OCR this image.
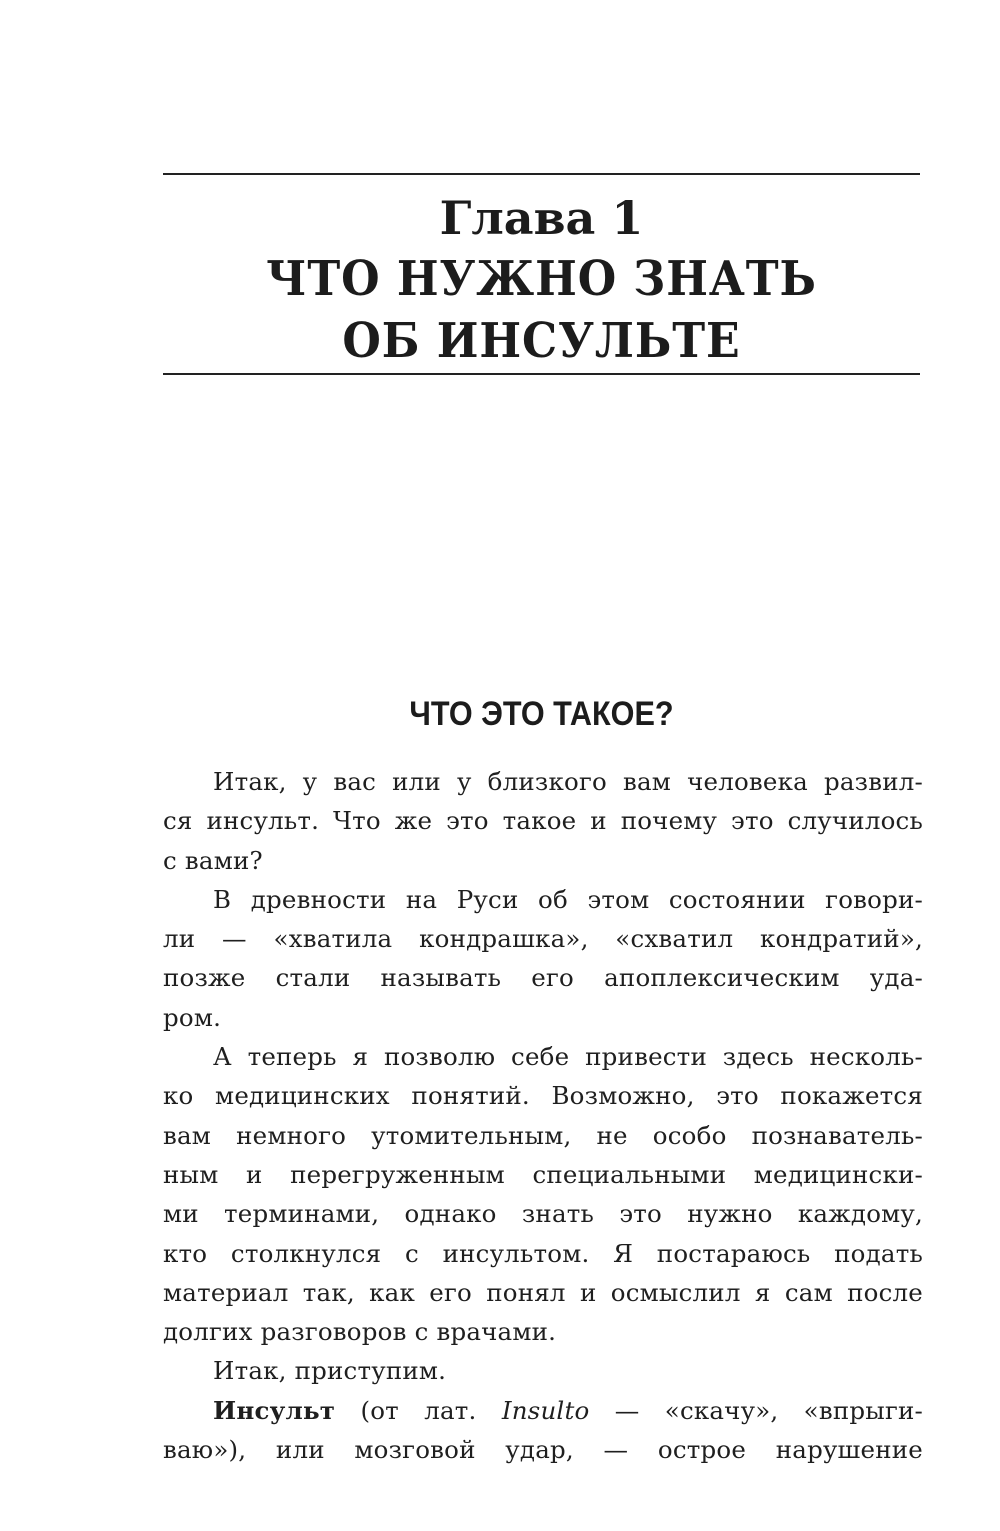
Глава 1
ЧТО НУЖНО ЗНАТЬ
ОБ ИНСУЛЬТЕ
ЧТО ЭТО ТАКОЕ?
Итак, у вас или у близкого вам человека развил-
ся инсульт. Что же это такое и почему это случилось
с вами?
В древности на Руси об этом состоянии говори-
ли — «хватила кондрашка», «схватил кондратий»,
позже стали называть его апоплексическим уда-
ром.
А теперь я позволю себе привести здесь несколь-
ко медицинских понятий. Возможно, это покажется
вам немного утомительным, не особо познаватель-
ным и перегруженным специальными медицински-
ми терминами, однако знать это нужно каждому,
кто столкнулся с инсультом. Я постараюсь подать
материал так, как его понял и осмыслил я сам после
долгих разговоров с врачами.
Итак, приступим.
Инсульт (от лат. Insulto — «скачу», «впрыги-
ваю»), или мозговой удар, — острое нарушение
